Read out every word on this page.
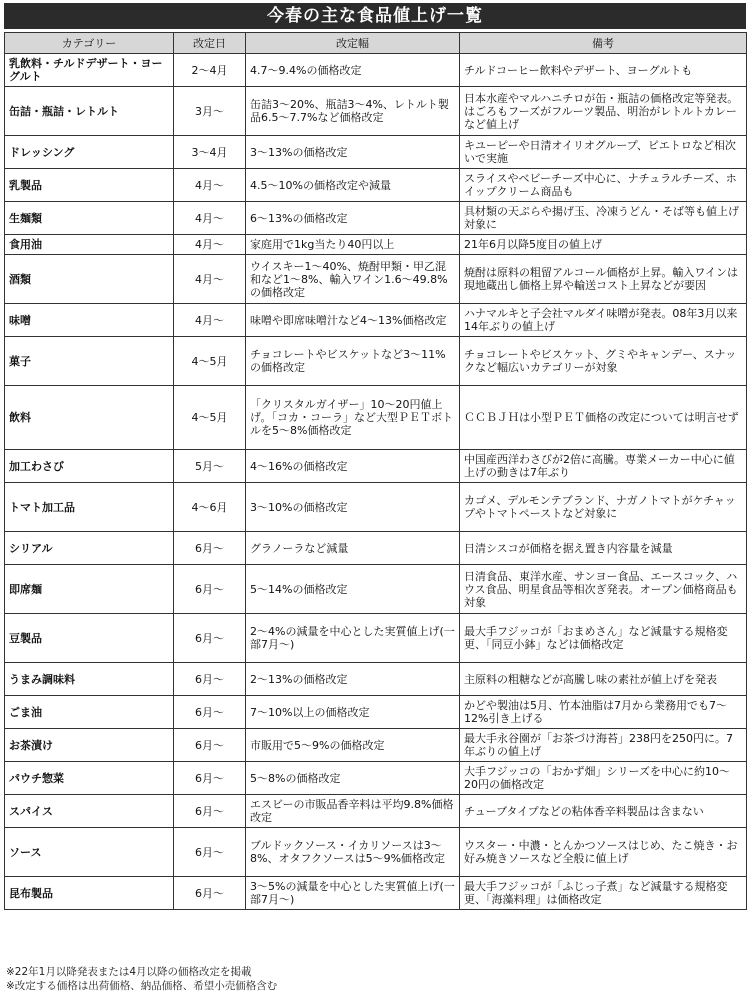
今春の主な食品値上げ一覧
カテゴリー	改定日	改定幅	備考
乳飲料・チルドデザート・ヨーグルト	2～4月	4.7～9.4%の価格改定	チルドコーヒー飲料やデザート、ヨーグルトも
缶詰・瓶詰・レトルト	3月～	缶詰3～20%、瓶詰3～4%、レトルト製品6.5～7.7%など価格改定	日本水産やマルハニチロが缶・瓶詰の価格改定等発表。はごろもフーズがフルーツ製品、明治がレトルトカレーなど値上げ
ドレッシング	3～4月	3～13%の価格改定	キユーピーや日清オイリオグループ、ピエトロなど相次いで実施
乳製品	4月～	4.5～10%の価格改定や減量	スライスやベビーチーズ中心に、ナチュラルチーズ、ホイップクリーム商品も
生麺類	4月～	6～13%の価格改定	具材類の天ぷらや揚げ玉、冷凍うどん・そば等も値上げ対象に
食用油	4月～	家庭用で1kg当たり40円以上	21年6月以降5度目の値上げ
酒類	4月～	ウイスキー1～40%、焼酎甲類・甲乙混和など1～8%、輸入ワイン1.6～49.8%の価格改定	焼酎は原料の粗留アルコール価格が上昇。輸入ワインは現地蔵出し価格上昇や輸送コスト上昇などが要因
味噌	4月～	味噌や即席味噌汁など4～13%価格改定	ハナマルキと子会社マルダイ味噌が発表。08年3月以来14年ぶりの値上げ
菓子	4～5月	チョコレートやビスケットなど3～11%の価格改定	チョコレートやビスケット、グミやキャンデー、スナックなど幅広いカテゴリーが対象
飲料	4～5月	「クリスタルガイザー」10～20円値上げ。「コカ・コーラ」など大型ＰＥＴボトルを5～8%価格改定	ＣＣＢＪＨは小型ＰＥＴ価格の改定については明言せず
加工わさび	5月～	4～16%の価格改定	中国産西洋わさびが2倍に高騰。専業メーカー中心に値上げの動きは7年ぶり
トマト加工品	4～6月	3～10%の価格改定	カゴメ、デルモンテブランド、ナガノトマトがケチャップやトマトペーストなど対象に
シリアル	6月～	グラノーラなど減量	日清シスコが価格を据え置き内容量を減量
即席麺	6月～	5～14%の価格改定	日清食品、東洋水産、サンヨー食品、エースコック、ハウス食品、明星食品等相次ぎ発表。オープン価格商品も対象
豆製品	6月～	2～4%の減量を中心とした実質値上げ(一部7月～)	最大手フジッコが「おまめさん」など減量する規格変更、「同豆小鉢」などは価格改定
うまみ調味料	6月～	2～13%の価格改定	主原料の粗糖などが高騰し味の素社が値上げを発表
ごま油	6月～	7～10%以上の価格改定	かどや製油は5月、竹本油脂は7月から業務用でも7～12%引き上げる
お茶漬け	6月～	市販用で5～9%の価格改定	最大手永谷園が「お茶づけ海苔」238円を250円に。7年ぶりの値上げ
パウチ惣菜	6月～	5～8%の価格改定	大手フジッコの「おかず畑」シリーズを中心に約10～20円の価格改定
スパイス	6月～	エスビーの市販品香辛料は平均9.8%価格改定	チューブタイプなどの粘体香辛料製品は含まない
ソース	6月～	ブルドックソース・イカリソースは3～8%、オタフクソースは5～9%価格改定	ウスター・中濃・とんかつソースはじめ、たこ焼き・お好み焼きソースなど全般に値上げ
昆布製品	6月～	3～5%の減量を中心とした実質値上げ(一部7月～)	最大手フジッコが「ふじっ子煮」など減量する規格変更、「海藻料理」は価格改定
※22年1月以降発表または4月以降の価格改定を掲載
※改定する価格は出荷価格、納品価格、希望小売価格含む
